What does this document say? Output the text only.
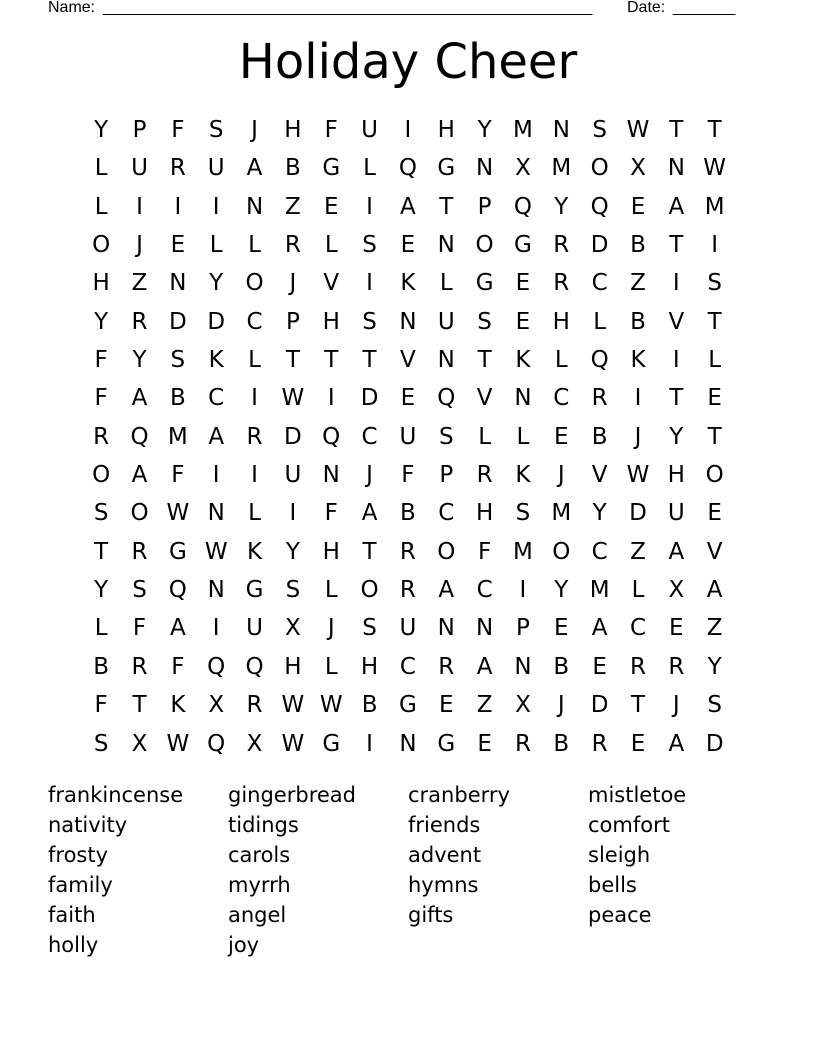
Name: _______________________________________________________ Date: _______
Holiday Cheer
Y	P	F	S	J	H	F	U	I	H Y M N S W T	T
L	U R U A B G	L Q G N X M O X N W
L	I	I	I	N Z	E	I	A	T	P Q Y Q E	A M
O	J	E	L	L	R	L	S	E N O G R D B	T	I
H Z N Y O	J	V	I	K	L	G E	R C Z	I	S
Y	R D D C	P H S N U S	E H	L	B V	T
F	Y	S	K	L	T	T	T	V N T	K	L Q K	I	L
F	A B C	I	W	I	D E Q V N C R	I	T	E
R Q M A R D Q C U S	L	L	E	B	J	Y	T
O A	F	I	I	U N	J	F	P	R K	J	V W H O
S O W N	L	I	F	A B C H S M Y D U E
T	R G W K	Y H T	R O F M O C Z A V
Y	S Q N G S	L O R A C	I	Y M L	X A
L	F	A	I	U X	J	S U N N P	E	A C	E	Z
B R	F Q Q H	L	H C R A N B	E	R R	Y
F	T	K X R W W B G E	Z X	J	D T	J	S
S	X W Q X W G	I	N G E	R B R	E	A D
frankincense	gingerbread	cranberry	mistletoe
nativity	tidings	friends	comfort
frosty	carols	advent	sleigh
family	myrrh	hymns	bells
faith	angel	gifts	peace
holly	joy
